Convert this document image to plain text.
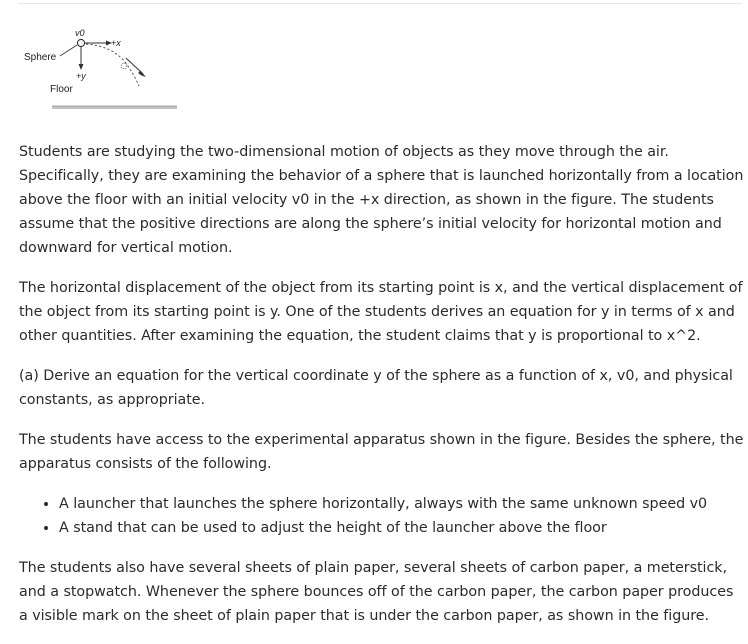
v0
+x
+y
Sphere
Floor

Students are studying the two-dimensional motion of objects as they move through the air. Specifically, they are examining the behavior of a sphere that is launched horizontally from a location above the floor with an initial velocity v0 in the +x direction, as shown in the figure. The students assume that the positive directions are along the sphere’s initial velocity for horizontal motion and downward for vertical motion.

The horizontal displacement of the object from its starting point is x, and the vertical displacement of the object from its starting point is y. One of the students derives an equation for y in terms of x and other quantities. After examining the equation, the student claims that y is proportional to x^2.

(a) Derive an equation for the vertical coordinate y of the sphere as a function of x, v0, and physical constants, as appropriate.

The students have access to the experimental apparatus shown in the figure. Besides the sphere, the apparatus consists of the following.

• A launcher that launches the sphere horizontally, always with the same unknown speed v0
• A stand that can be used to adjust the height of the launcher above the floor

The students also have several sheets of plain paper, several sheets of carbon paper, a meterstick, and a stopwatch. Whenever the sphere bounces off of the carbon paper, the carbon paper produces a visible mark on the sheet of plain paper that is under the carbon paper, as shown in the figure.
